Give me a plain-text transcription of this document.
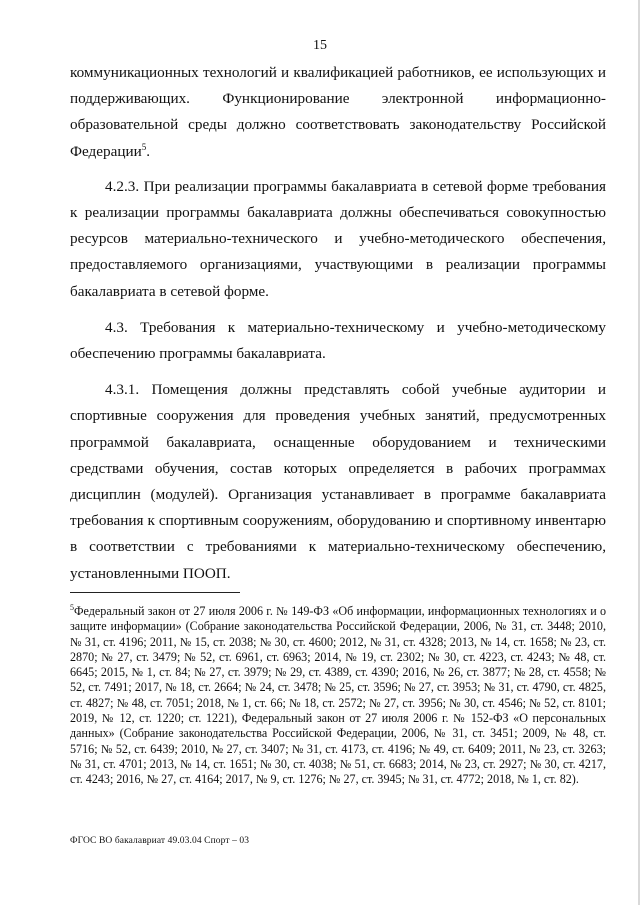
15

коммуникационных технологий и квалификацией работников, ее использующих и поддерживающих. Функционирование электронной информационно-образовательной среды должно соответствовать законодательству Российской Федерации$^5$.

4.2.3. При реализации программы бакалавриата в сетевой форме требования к реализации программы бакалавриата должны обеспечиваться совокупностью ресурсов материально-технического и учебно-методического обеспечения, предоставляемого организациями, участвующими в реализации программы бакалавриата в сетевой форме.

4.3. Требования к материально-техническому и учебно-методическому обеспечению программы бакалавриата.

4.3.1. Помещения должны представлять собой учебные аудитории и спортивные сооружения для проведения учебных занятий, предусмотренных программой бакалавриата, оснащенные оборудованием и техническими средствами обучения, состав которых определяется в рабочих программах дисциплин (модулей). Организация устанавливает в программе бакалавриата требования к спортивным сооружениям, оборудованию и спортивному инвентарю в соответствии с требованиями к материально-техническому обеспечению, установленными ПООП.

$^5$Федеральный закон от 27 июля 2006 г. № 149-ФЗ «Об информации, информационных технологиях и о защите информации» (Собрание законодательства Российской Федерации, 2006, № 31, ст. 3448; 2010, № 31, ст. 4196; 2011, № 15, ст. 2038; № 30, ст. 4600; 2012, № 31, ст. 4328; 2013, № 14, ст. 1658; № 23, ст. 2870; № 27, ст. 3479; № 52, ст. 6961, ст. 6963; 2014, № 19, ст. 2302; № 30, ст. 4223, ст. 4243; № 48, ст. 6645; 2015, № 1, ст. 84; № 27, ст. 3979; № 29, ст. 4389, ст. 4390; 2016, № 26, ст. 3877; № 28, ст. 4558; № 52, ст. 7491; 2017, № 18, ст. 2664; № 24, ст. 3478; № 25, ст. 3596; № 27, ст. 3953; № 31, ст. 4790, ст. 4825, ст. 4827; № 48, ст. 7051; 2018, № 1, ст. 66; № 18, ст. 2572; № 27, ст. 3956; № 30, ст. 4546; № 52, ст. 8101; 2019, № 12, ст. 1220; ст. 1221), Федеральный закон от 27 июля 2006 г. № 152-ФЗ «О персональных данных» (Собрание законодательства Российской Федерации, 2006, № 31, ст. 3451; 2009, № 48, ст. 5716; № 52, ст. 6439; 2010, № 27, ст. 3407; № 31, ст. 4173, ст. 4196; № 49, ст. 6409; 2011, № 23, ст. 3263; № 31, ст. 4701; 2013, № 14, ст. 1651; № 30, ст. 4038; № 51, ст. 6683; 2014, № 23, ст. 2927; № 30, ст. 4217, ст. 4243; 2016, № 27, ст. 4164; 2017, № 9, ст. 1276; № 27, ст. 3945; № 31, ст. 4772; 2018, № 1, ст. 82).
ФГОС ВО бакалавриат 49.03.04 Спорт – 03
